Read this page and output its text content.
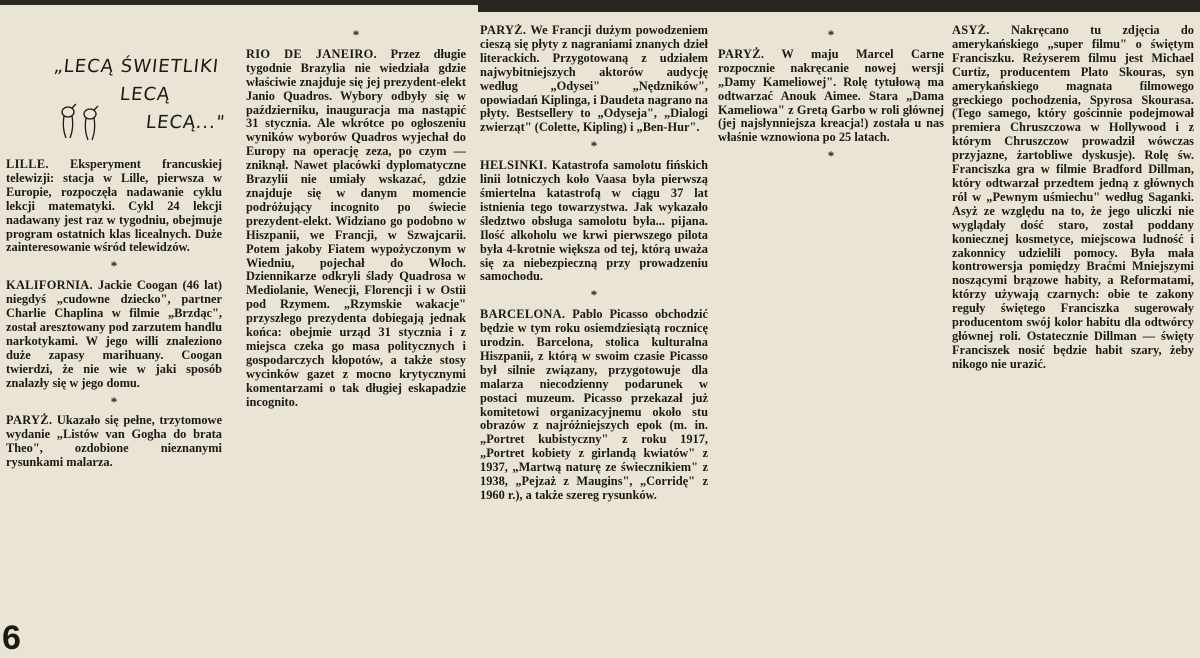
„LECĄ ŚWIETLIKI
LECĄ
LECĄ..."

LILLE. Eksperyment francuskiej telewizji: stacja w Lille, pierwsza w Europie, rozpoczęła nadawanie cyklu lekcji matematyki. Cykl 24 lekcji nadawany jest raz w tygodniu, obejmuje program ostatnich klas licealnych. Duże zainteresowanie wśród telewidzów.

*

KALIFORNIA. Jackie Coogan (46 lat) niegdyś „cudowne dziecko", partner Charlie Chaplina w filmie „Brzdąc", został aresztowany pod zarzutem handlu narkotykami. W jego willi znaleziono duże zapasy marihuany. Coogan twierdzi, że nie wie w jaki sposób znalazły się w jego domu.

*

PARYŻ. Ukazało się pełne, trzytomowe wydanie „Listów van Gogha do brata Theo", ozdobione nieznanymi rysunkami malarza.

*

RIO DE JANEIRO. Przez długie tygodnie Brazylia nie wiedziała gdzie właściwie znajduje się jej prezydent-elekt Janio Quadros. Wybory odbyły się w październiku, inauguracja ma nastąpić 31 stycznia. Ale wkrótce po ogłoszeniu wyników wyborów Quadros wyjechał do Europy na operację zeza, po czym — zniknął. Nawet placówki dyplomatyczne Brazylii nie umiały wskazać, gdzie znajduje się w danym momencie podróżujący incognito po świecie prezydent-elekt. Widziano go podobno w Hiszpanii, we Francji, w Szwajcarii. Potem jakoby Fiatem wypożyczonym w Wiedniu, pojechał do Włoch. Dziennikarze odkryli ślady Quadrosa w Mediolanie, Wenecji, Florencji i w Ostii pod Rzymem. „Rzymskie wakacje" przyszłego prezydenta dobiegają jednak końca: obejmie urząd 31 stycznia i z miejsca czeka go masa politycznych i gospodarczych kłopotów, a także stosy wycinków gazet z mocno krytycznymi komentarzami o tak długiej eskapadzie incognito.

PARYŻ. We Francji dużym powodzeniem cieszą się płyty z nagraniami znanych dzieł literackich. Przygotowaną z udziałem najwybitniejszych aktorów audycję według „Odysei" „Nędzników", opowiadań Kiplinga, i Daudeta nagrano na płyty. Bestsellery to „Odyseja", „Dialogi zwierząt" (Colette, Kipling) i „Ben-Hur".

*

HELSINKI. Katastrofa samolotu fińskich linii lotniczych koło Vaasa była pierwszą śmiertelna katastrofą w ciągu 37 lat istnienia tego towarzystwa. Jak wykazało śledztwo obsługa samolotu była... pijana. Ilość alkoholu we krwi pierwszego pilota była 4-krotnie większa od tej, którą uważa się za niebezpieczną przy prowadzeniu samochodu.

*

BARCELONA. Pablo Picasso obchodzić będzie w tym roku osiemdziesiątą rocznicę urodzin. Barcelona, stolica kulturalna Hiszpanii, z którą w swoim czasie Picasso był silnie związany, przygotowuje dla malarza niecodzienny podarunek w postaci muzeum. Picasso przekazał już komitetowi organizacyjnemu około stu obrazów z najróżniejszych epok (m. in. „Portret kubistyczny" z roku 1917, „Portret kobiety z girlandą kwiatów" z 1937, „Martwą naturę ze świecznikiem" z 1938, „Pejzaż z Maugins", „Corridę" z 1960 r.), a także szereg rysunków.

*

PARYŻ. W maju Marcel Carne rozpocznie nakręcanie nowej wersji „Damy Kameliowej". Rolę tytułową ma odtwarzać Anouk Aimee. Stara „Dama Kameliowa" z Gretą Garbo w roli głównej (jej najsłynniejsza kreacja!) została u nas właśnie wznowiona po 25 latach.

*

ASYŻ. Nakręcano tu zdjęcia do amerykańskiego „super filmu" o świętym Franciszku. Reżyserem filmu jest Michael Curtiz, producentem Plato Skouras, syn amerykańskiego magnata filmowego greckiego pochodzenia, Spyrosa Skourasa. (Tego samego, który gościnnie podejmował premiera Chruszczowa w Hollywood i z którym Chruszczow prowadził wówczas przyjazne, żartobliwe dyskusje). Rolę św. Franciszka gra w filmie Bradford Dillman, który odtwarzał przedtem jedną z głównych ról w „Pewnym uśmiechu" według Saganki. Asyż ze względu na to, że jego uliczki nie wyglądały dość staro, został poddany koniecznej kosmetyce, miejscowa ludność i zakonnicy udzielili pomocy. Była mała kontrowersja pomiędzy Braćmi Mniejszymi noszącymi brązowe habity, a Reformatami, którzy używają czarnych: obie te zakony reguły świętego Franciszka sugerowały producentom swój kolor habitu dla odtwórcy głównej roli. Ostatecznie Dillman — święty Franciszek nosić będzie habit szary, żeby nikogo nie urazić.

6
